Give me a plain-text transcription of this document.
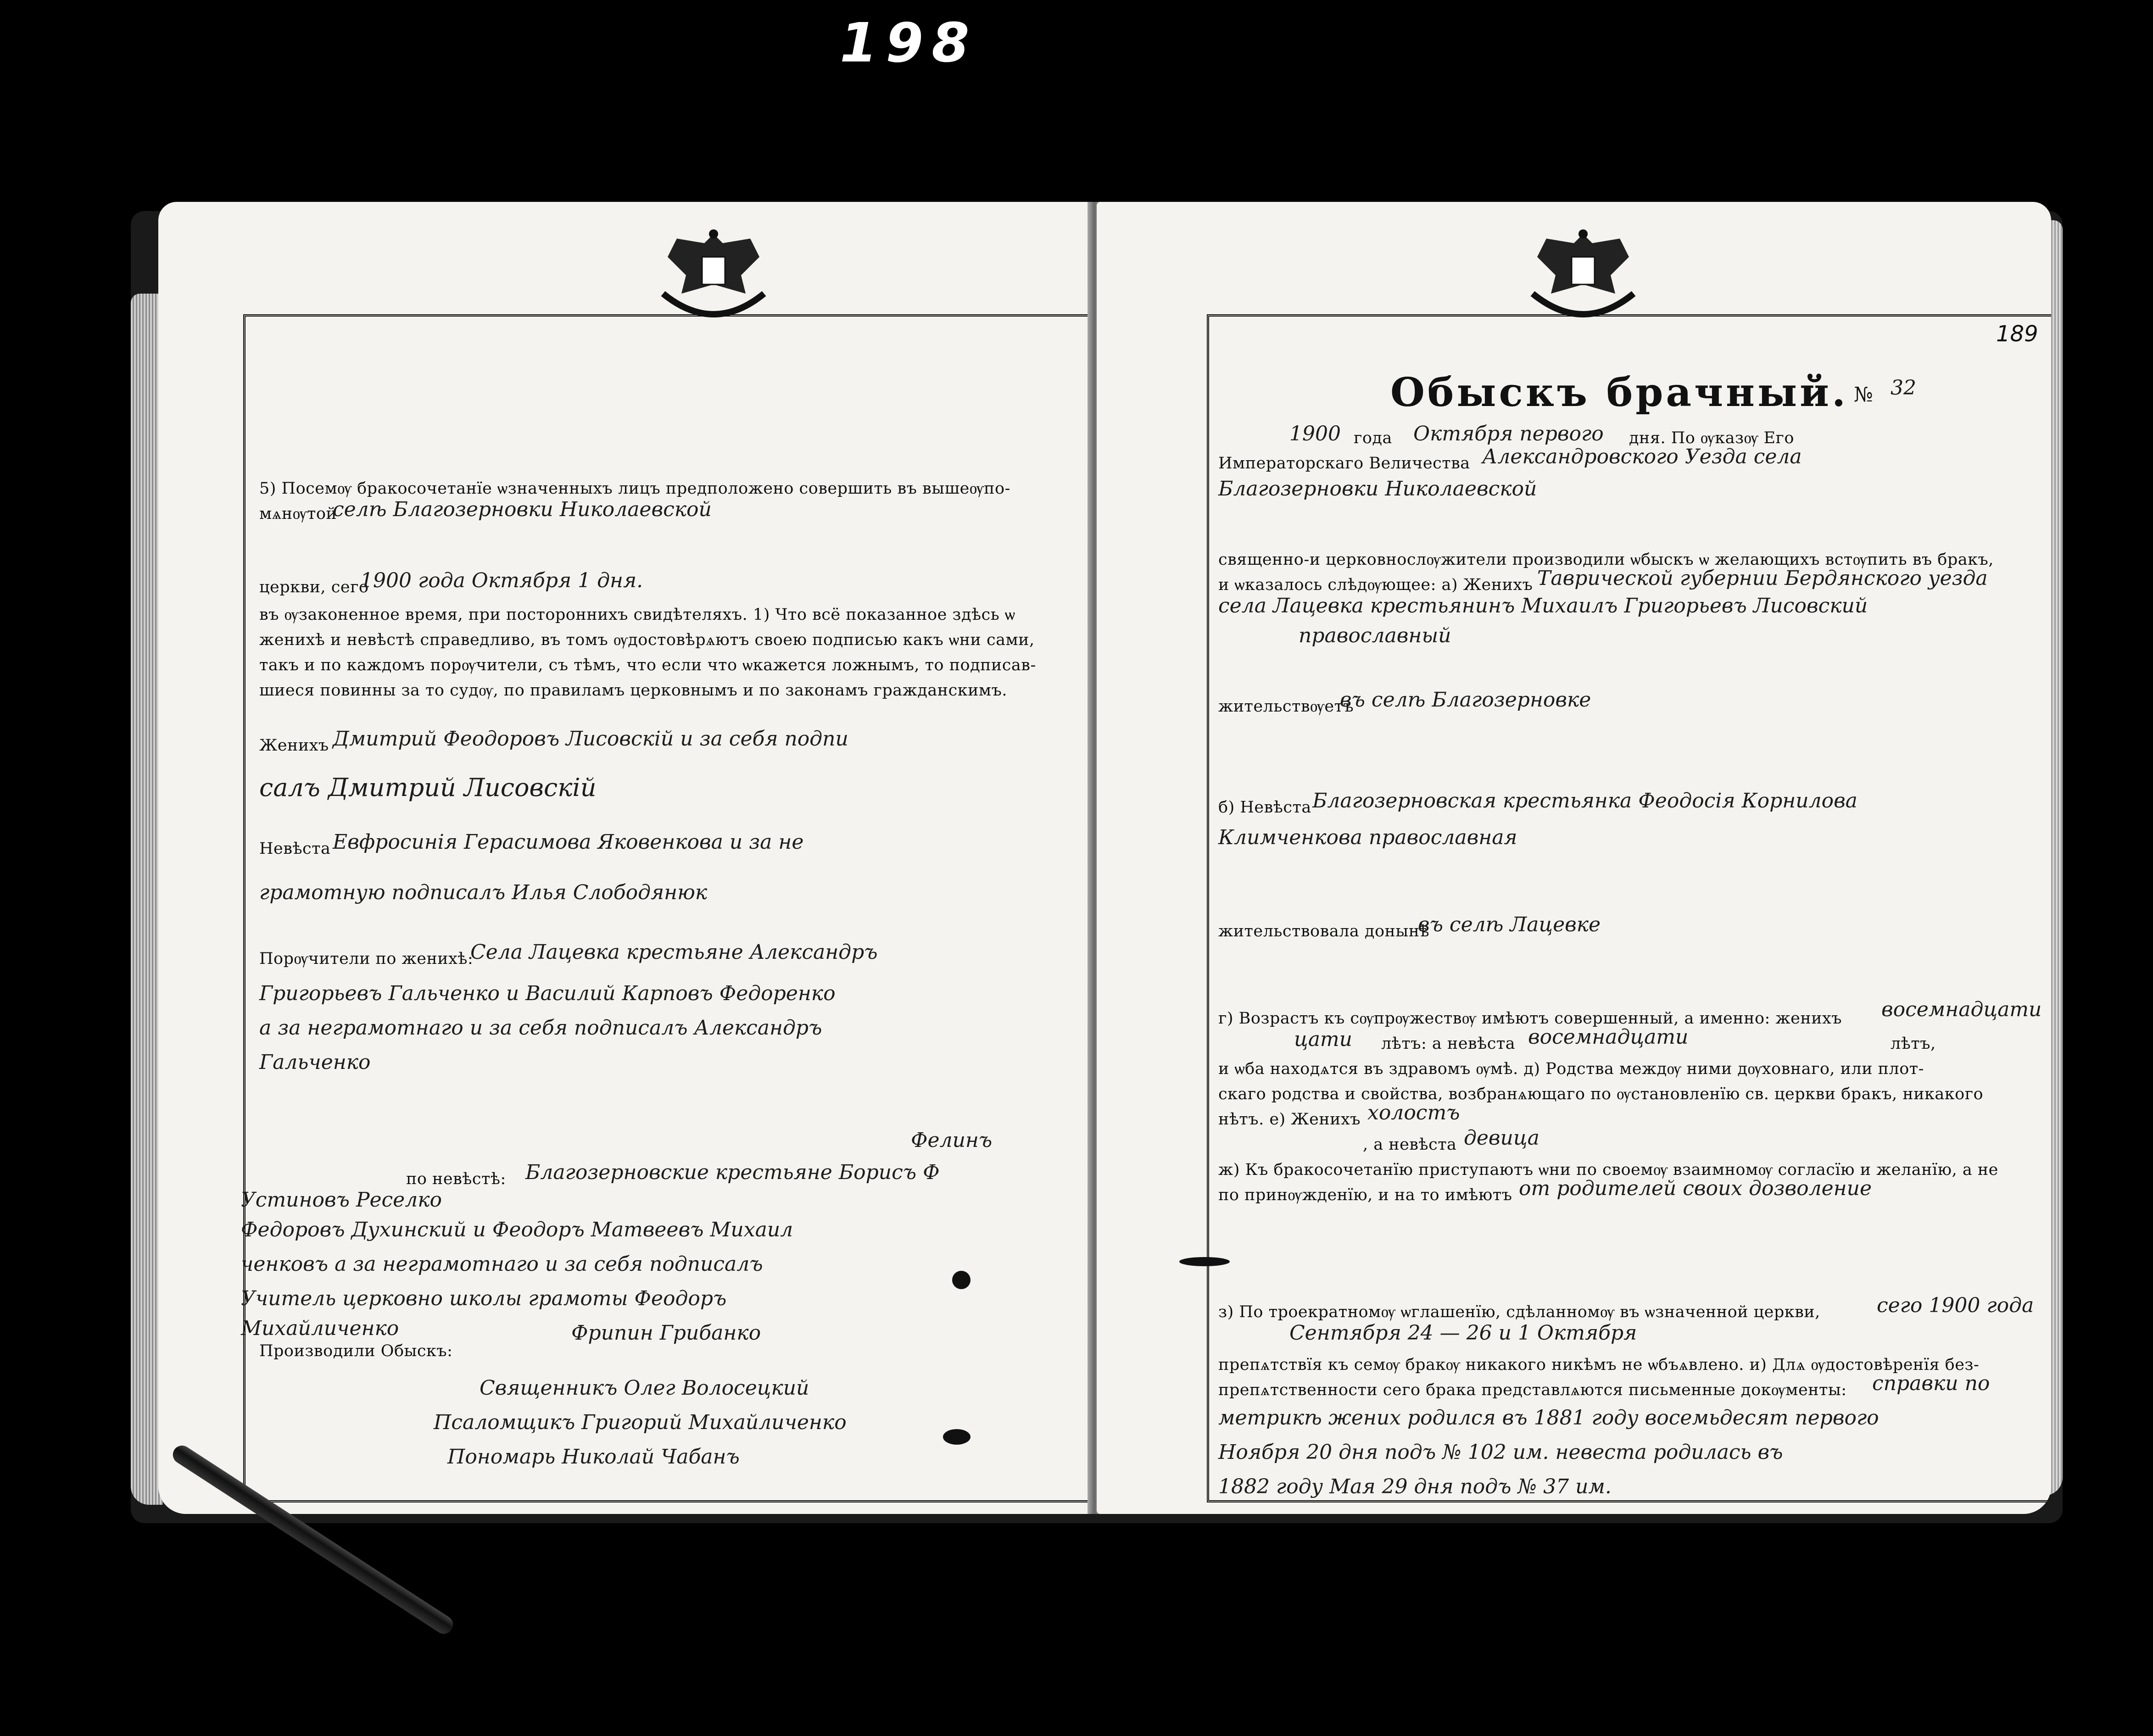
198
5) Посемѹ бракосочетанїе ѡзначенныхъ лицъ предположено совершить въ вышеѹпо-
мѧнѹтой
селѣ Благозерновки Николаевской
церкви, сего
1900 года Октября 1 дня.
въ ѹзаконенное время, при постороннихъ свидѣтеляхъ. 1) Что всё показанное здѣсь ѡ
женихѣ и невѣстѣ справедливо, въ томъ ѹдостовѣрѧютъ своею подписью какъ ѡни сами,
такъ и по каждомъ порѹчители, съ тѣмъ, что если что ѡкажется ложнымъ, то подписав-
шиеся повинны за то судѹ, по правиламъ церковнымъ и по законамъ гражданскимъ.
Женихъ Дмитрий Феодоровъ Лисовскій и за себя подпи
салъ Дмитрий Лисовскій
Невѣста Евфросинія Герасимова Яковенкова и за не
грамотную подписалъ Илья Слободянюк
Порѹчители по женихѣ:
Села Лацевка крестьяне Александръ
Григорьевъ Гальченко и Василий Карповъ Федоренко
а за неграмотнаго и за себя подписалъ Александръ
Гальченко
Фелинъ
по невѣстѣ: Благозерновские крестьяне Борисъ Ф
Устиновъ Реселко
Федоровъ Духинский и Феодоръ Матвеевъ Михаил
ченковъ а за неграмотнаго и за себя подписалъ
Учитель церковно школы грамоты Феодоръ
Михайличенко
Производили Обыскъ:
Фрипин Грибанко
Священникъ Олег Волосецкий
Псаломщикъ Григорий Михайличенко
Пономарь Николай Чабанъ
189
Обыскъ брачный. № 32
1900 года Октября первого дня. По ѹказѹ Его
Императорскаго Величества Александровского Уезда села
Благозерновки Николаевской
священно-и церковнослѹжители производили ѡбыскъ ѡ желающихъ встѹпить въ бракъ,
и ѡказалось слѣдѹющее: а) Женихъ Таврической губернии Бердянского уезда
села Лацевка крестьянинъ Михаилъ Григорьевъ Лисовский
православный
жительствѹетъ
въ селѣ Благозерновке
б) Невѣста Благозерновская крестьянка Феодосія Корнилова
Климченкова православная
жительствовала донынѣ
въ селѣ Лацевке
г) Возрастъ къ сѹпрѹжествѹ имѣютъ совершенный, а именно: женихъ восемнадцати
цати лѣтъ: а невѣста восемнадцати	лѣтъ,
и ѡба находѧтся въ здравомъ ѹмѣ. д) Родства междѹ ними дѹховнаго, или плот-
скаго родства и свойства, возбранѧющаго по ѹстановленїю св. церкви бракъ, никакого
нѣтъ. е) Женихъ холостъ
, а невѣста девица
ж) Къ бракосочетанїю приступаютъ ѡни по своемѹ взаимномѹ согласїю и желанїю, а не
по принѹжденїю, и на то имѣютъ от родителей своих дозволение
з) По троекратномѹ ѡглашенїю, сдѣланномѹ въ ѡзначенной церкви,	сего 1900 года
Сентября 24 — 26 и 1 Октября
препѧтствїя къ семѹ бракѹ никакого никѣмъ не ѡбъѧвлено. и) Длѧ ѹдостовѣренїя без-
препѧтственности сего брака представлѧются письменные докѹменты: справки по
метрикѣ жених родился въ 1881 году восемьдесят первого
Ноября 20 дня подъ № 102 им. невеста родилась въ
1882 году Мая 29 дня подъ № 37 им.
